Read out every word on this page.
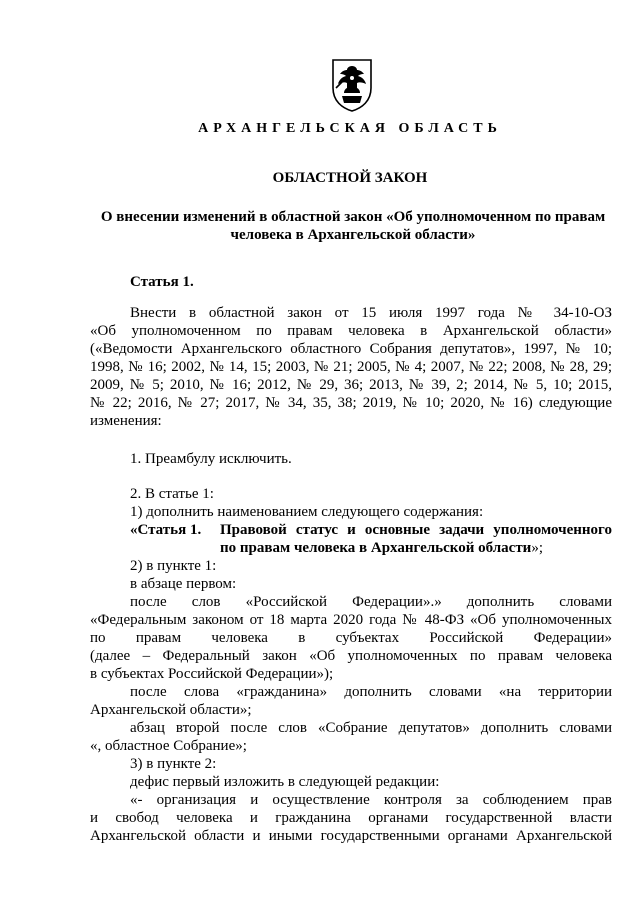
АРХАНГЕЛЬСКАЯ ОБЛАСТЬ
ОБЛАСТНОЙ ЗАКОН
О внесении изменений в областной закон «Об уполномоченном по правам
человека в Архангельской области»
Статья 1.
Внести в областной закон от 15 июля 1997 года № 34-10-ОЗ
«Об уполномоченном по правам человека в Архангельской области»
(«Ведомости Архангельского областного Собрания депутатов», 1997, № 10;
1998, № 16; 2002, № 14, 15; 2003, № 21; 2005, № 4; 2007, № 22; 2008, № 28, 29;
2009, № 5; 2010, № 16; 2012, № 29, 36; 2013, № 39, 2; 2014, № 5, 10; 2015,
№ 22; 2016, № 27; 2017, № 34, 35, 38; 2019, № 10; 2020, № 16) следующие
изменения:
1. Преамбулу исключить.
2. В статье 1:
1) дополнить наименованием следующего содержания:
«Статья 1. Правовой статус и основные задачи уполномоченного
по правам человека в Архангельской области»;
2) в пункте 1:
в абзаце первом:
после слов «Российской Федерации».» дополнить словами
«Федеральным законом от 18 марта 2020 года № 48-ФЗ «Об уполномоченных
по правам человека в субъектах Российской Федерации»
(далее – Федеральный закон «Об уполномоченных по правам человека
в субъектах Российской Федерации»);
после слова «гражданина» дополнить словами «на территории
Архангельской области»;
абзац второй после слов «Собрание депутатов» дополнить словами
«, областное Собрание»;
3) в пункте 2:
дефис первый изложить в следующей редакции:
«- организация и осуществление контроля за соблюдением прав
и свобод человека и гражданина органами государственной власти
Архангельской области и иными государственными органами Архангельской
